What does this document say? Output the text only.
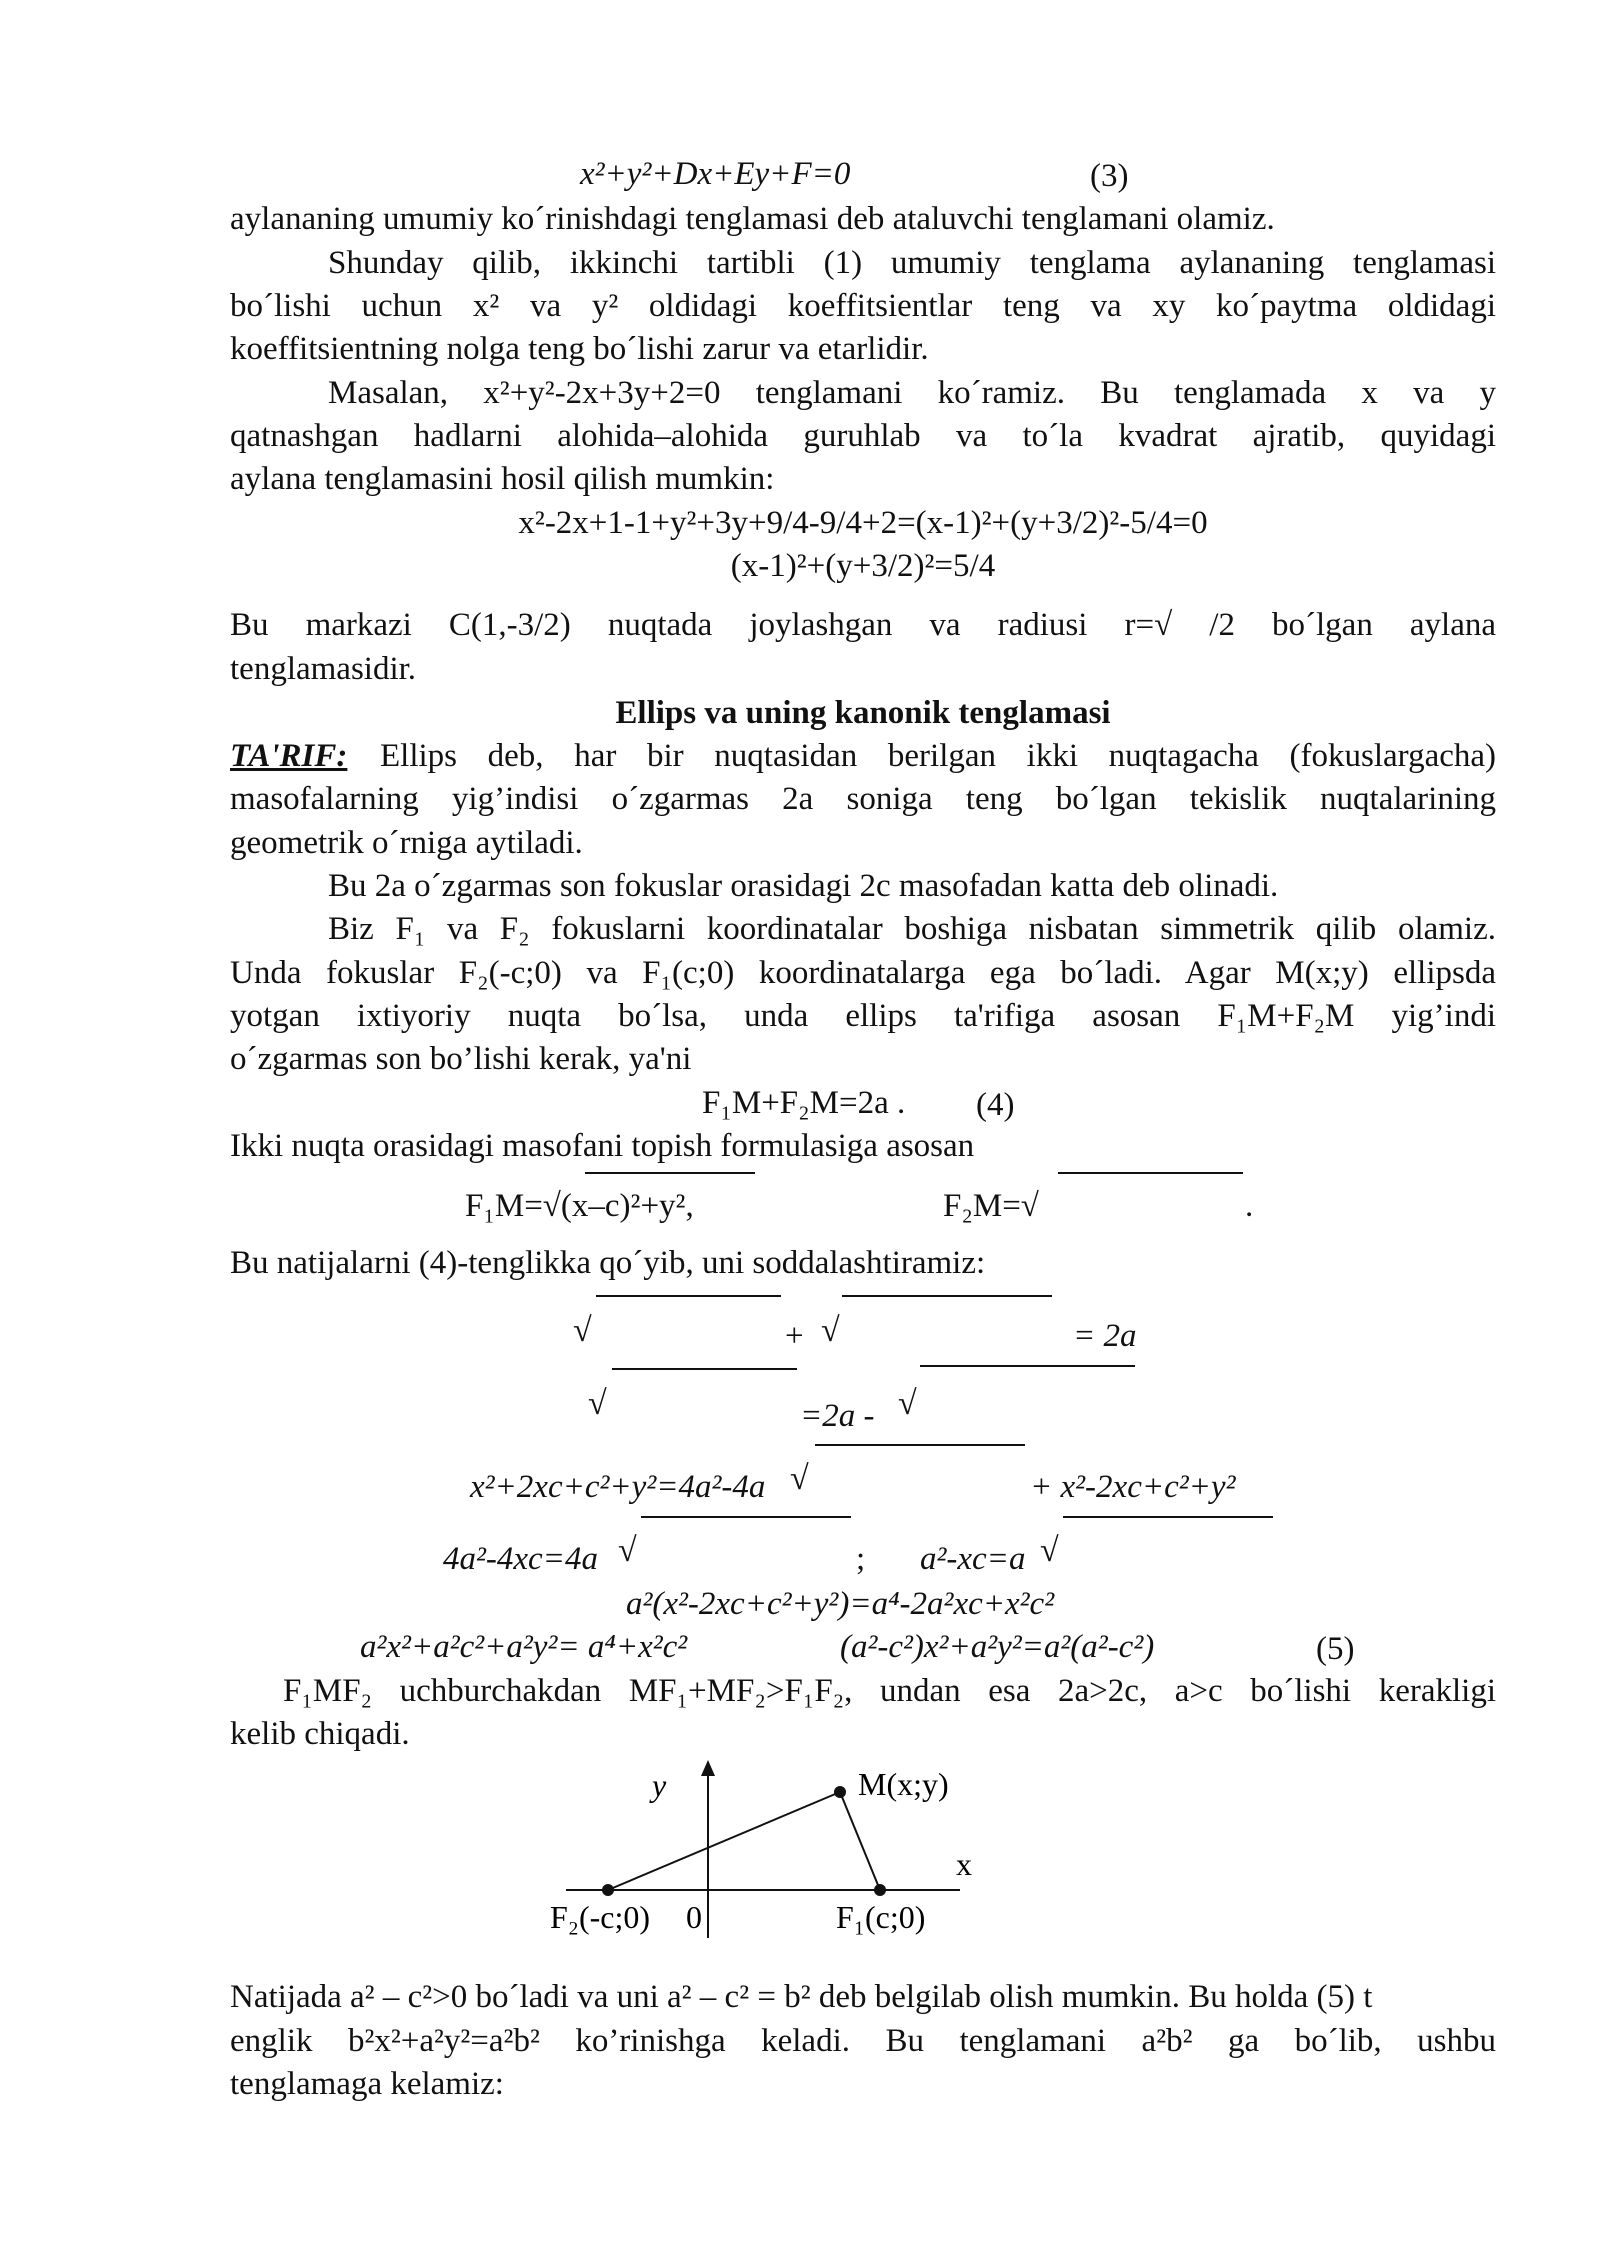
x²+y²+Dx+Ey+F=0	(3)
aylananing umumiy ko´rinishdagi tenglamasi deb ataluvchi tenglamani olamiz.
Shunday qilib, ikkinchi tartibli (1) umumiy tenglama aylananing tenglamasi
bo´lishi uchun x² va y² oldidagi koeffitsientlar teng va xy ko´paytma oldidagi
koeffitsientning nolga teng bo´lishi zarur va etarlidir.
Masalan, x²+y²-2x+3y+2=0 tenglamani ko´ramiz. Bu tenglamada x va y
qatnashgan hadlarni alohida–alohida guruhlab va to´la kvadrat ajratib, quyidagi
aylana tenglamasini hosil qilish mumkin:
x²-2x+1-1+y²+3y+9/4-9/4+2=(x-1)²+(y+3/2)²-5/4=0
(x-1)²+(y+3/2)²=5/4
Bu markazi C(1,-3/2) nuqtada joylashgan va radiusi r=√ /2 bo´lgan aylana
tenglamasidir.
Ellips va uning kanonik tenglamasi
TA'RIF: Ellips deb, har bir nuqtasidan berilgan ikki nuqtagacha (fokuslargacha)
masofalarning yig’indisi o´zgarmas 2a soniga teng bo´lgan tekislik nuqtalarining
geometrik o´rniga aytiladi.
Bu 2a o´zgarmas son fokuslar orasidagi 2c masofadan katta deb olinadi.
Biz F₁ va F₂ fokuslarni koordinatalar boshiga nisbatan simmetrik qilib olamiz.
Unda fokuslar F₂(-c;0) va F₁(c;0) koordinatalarga ega bo´ladi. Agar M(x;y) ellipsda
yotgan ixtiyoriy nuqta bo´lsa, unda ellips ta'rifiga asosan F₁M+F₂M yig’indi
o´zgarmas son bo’lishi kerak, ya'ni
F₁M+F₂M=2a . (4)
Ikki nuqta orasidagi masofani topish formulasiga asosan
F₁M=√(x–c)²+y²,	F₂M=√	.
Bu natijalarni (4)-tenglikka qo´yib, uni soddalashtiramiz:
√	+ √	= 2a
√	=2a - √
x²+2xc+c²+y²=4a²-4a √	+ x²-2xc+c²+y²
4a²-4xc=4a √	; a²-xc=a √
a²(x²-2xc+c²+y²)=a⁴-2a²xc+x²c²
a²x²+a²c²+a²y²= a⁴+x²c²	(a²-c²)x²+a²y²=a²(a²-c²)	(5)
F₁MF₂ uchburchakdan MF₁+MF₂>F₁F₂, undan esa 2a>2c, a>c bo´lishi kerakligi
kelib chiqadi.
y	M(x;y)
x
F₂(-c;0) 0	F₁(c;0)
Natijada a² – c²>0 bo´ladi va uni a² – c² = b² deb belgilab olish mumkin. Bu holda (5) t
englik b²x²+a²y²=a²b² ko’rinishga keladi. Bu tenglamani a²b² ga bo´lib, ushbu
tenglamaga kelamiz:
